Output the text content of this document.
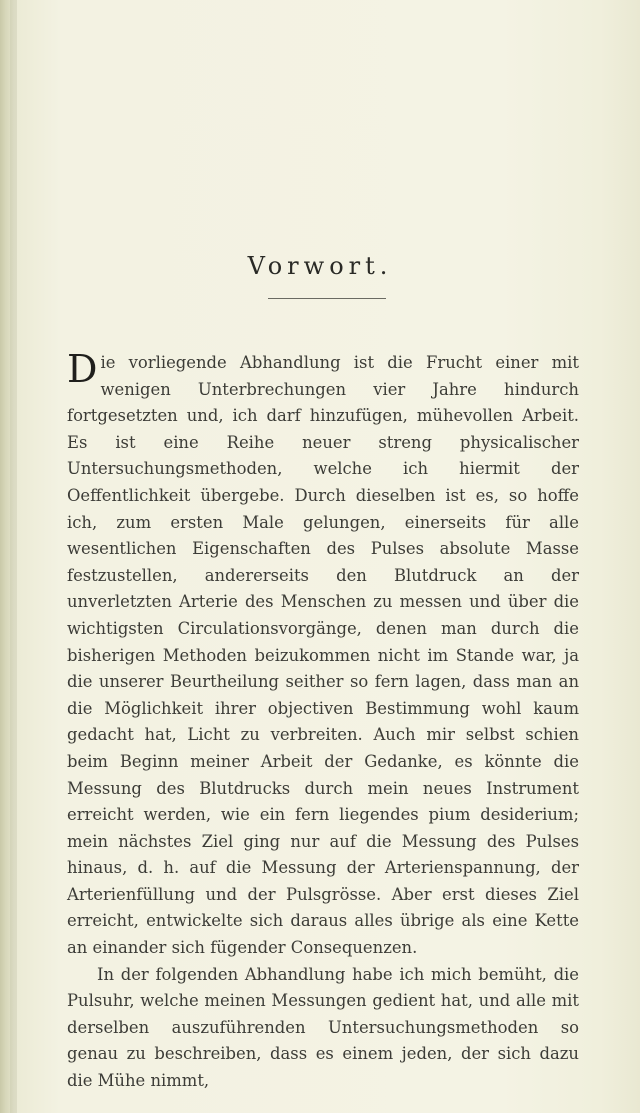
Vorwort.

Die vorliegende Abhandlung ist die Frucht einer mit wenigen Unterbrechungen vier Jahre hindurch fortgesetzten und, ich darf hinzufügen, mühevollen Arbeit. Es ist eine Reihe neuer streng physicalischer Untersuchungsmethoden, welche ich hiermit der Oeffentlichkeit übergebe. Durch dieselben ist es, so hoffe ich, zum ersten Male gelungen, einerseits für alle wesentlichen Eigenschaften des Pulses absolute Masse festzustellen, andererseits den Blutdruck an der unverletzten Arterie des Menschen zu messen und über die wichtigsten Circulationsvorgänge, denen man durch die bisherigen Methoden beizukommen nicht im Stande war, ja die unserer Beurtheilung seither so fern lagen, dass man an die Möglichkeit ihrer objectiven Bestimmung wohl kaum gedacht hat, Licht zu verbreiten. Auch mir selbst schien beim Beginn meiner Arbeit der Gedanke, es könnte die Messung des Blutdrucks durch mein neues Instrument erreicht werden, wie ein fern liegendes pium desiderium; mein nächstes Ziel ging nur auf die Messung des Pulses hinaus, d. h. auf die Messung der Arterienspannung, der Arterienfüllung und der Pulsgrösse. Aber erst dieses Ziel erreicht, entwickelte sich daraus alles übrige als eine Kette an einander sich fügender Consequenzen.

In der folgenden Abhandlung habe ich mich bemüht, die Pulsuhr, welche meinen Messungen gedient hat, und alle mit derselben auszuführenden Untersuchungsmethoden so genau zu beschreiben, dass es einem jeden, der sich dazu die Mühe nimmt,
